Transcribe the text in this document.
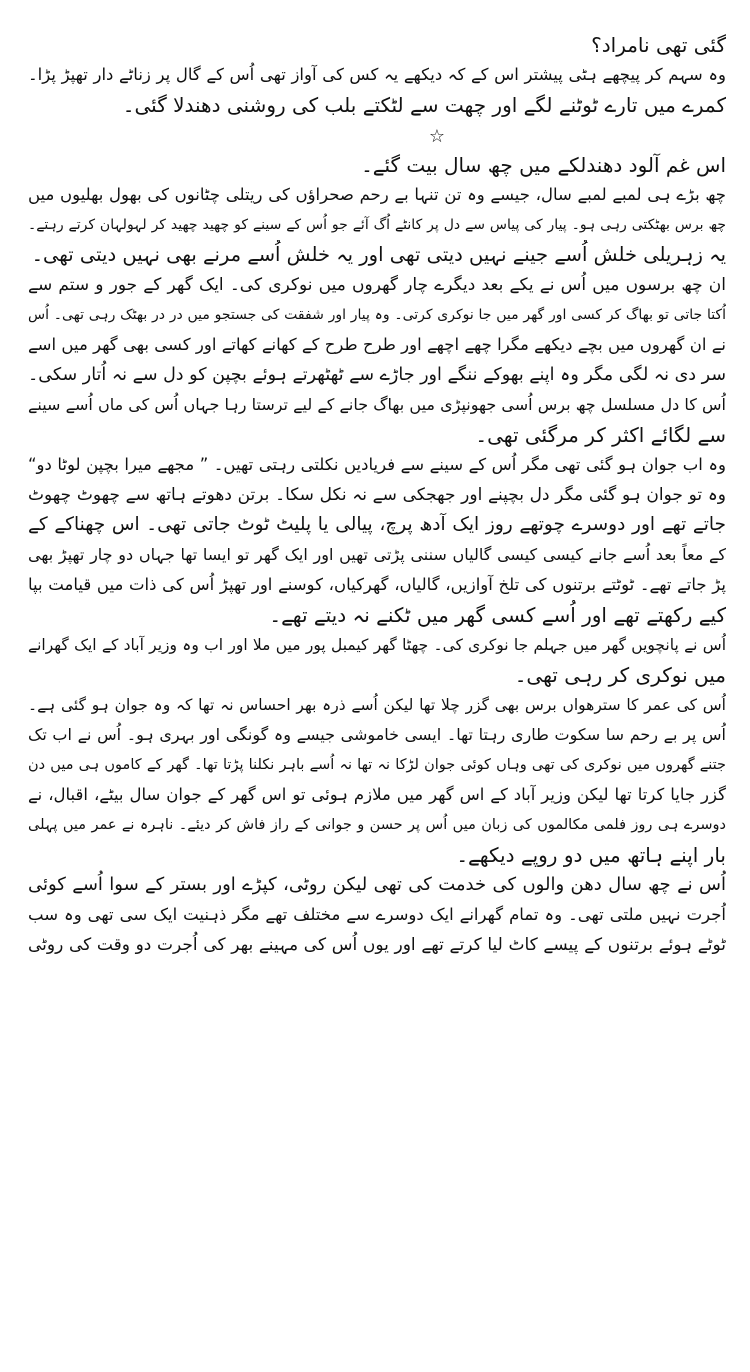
گئی تھی نامراد؟
وہ سہم کر پیچھے ہٹی پیشتر اس کے کہ دیکھے یہ کس کی آواز تھی اُس کے گال پر زناٹے دار تھپڑ پڑا۔
کمرے میں تارے ٹوٹنے لگے اور چھت سے لٹکتے بلب کی روشنی دھندلا گئی۔
☆
اس غم آلود دھندلکے میں چھ سال بیت گئے۔
چھ بڑے ہی لمبے لمبے سال، جیسے وہ تن تنہا بے رحم صحراؤں کی ریتلی چٹانوں کی بھول بھلیوں میں
چھ برس بھٹکتی رہی ہو۔ پیار کی پیاس سے دل پر کانٹے اُگ آئے جو اُس کے سینے کو چھید چھید کر لہولہان کرتے رہتے۔
یہ زہریلی خلش اُسے جینے نہیں دیتی تھی اور یہ خلش اُسے مرنے بھی نہیں دیتی تھی۔
ان چھ برسوں میں اُس نے یکے بعد دیگرے چار گھروں میں نوکری کی۔ ایک گھر کے جور و ستم سے
اُکتا جاتی تو بھاگ کر کسی اور گھر میں جا نوکری کرتی۔ وہ پیار اور شفقت کی جستجو میں در در بھٹک رہی تھی۔ اُس
نے ان گھروں میں بچے دیکھے مگرا چھے اچھے اور طرح طرح کے کھانے کھاتے اور کسی بھی گھر میں اسے
سر دی نہ لگی مگر وہ اپنے بھوکے ننگے اور جاڑے سے ٹھٹھرتے ہوئے بچپن کو دل سے نہ اُتار سکی۔
اُس کا دل مسلسل چھ برس اُسی جھونپڑی میں بھاگ جانے کے لیے ترستا رہا جہاں اُس کی ماں اُسے سینے
سے لگائے اکثر کر مرگئی تھی۔
وہ اب جوان ہو گئی تھی مگر اُس کے سینے سے فریادیں نکلتی رہتی تھیں۔ ” مجھے میرا بچپن لوٹا دو“
وہ تو جوان ہو گئی مگر دل بچپنے اور جھجکی سے نہ نکل سکا۔ برتن دھوتے ہاتھ سے چھوٹ چھوٹ
جاتے تھے اور دوسرے چوتھے روز ایک آدھ پرچ، پیالی یا پلیٹ ٹوٹ جاتی تھی۔ اس چھناکے کے
کے معاً بعد اُسے جانے کیسی کیسی گالیاں سننی پڑتی تھیں اور ایک گھر تو ایسا تھا جہاں دو چار تھپڑ بھی
پڑ جاتے تھے۔ ٹوٹتے برتنوں کی تلخ آوازیں، گالیاں، گھرکیاں، کوسنے اور تھپڑ اُس کی ذات میں قیامت بپا
کیے رکھتے تھے اور اُسے کسی گھر میں ٹکنے نہ دیتے تھے۔
اُس نے پانچویں گھر میں جہلم جا نوکری کی۔ چھٹا گھر کیمبل پور میں ملا اور اب وہ وزیر آباد کے ایک گھرانے
میں نوکری کر رہی تھی۔
اُس کی عمر کا سترھواں برس بھی گزر چلا تھا لیکن اُسے ذرہ بھر احساس نہ تھا کہ وہ جوان ہو گئی ہے۔
اُس پر بے رحم سا سکوت طاری رہتا تھا۔ ایسی خاموشی جیسے وہ گونگی اور بہری ہو۔ اُس نے اب تک
جتنے گھروں میں نوکری کی تھی وہاں کوئی جوان لڑکا نہ تھا نہ اُسے باہر نکلنا پڑتا تھا۔ گھر کے کاموں ہی میں دن
گزر جایا کرتا تھا لیکن وزیر آباد کے اس گھر میں ملازم ہوئی تو اس گھر کے جوان سال بیٹے، اقبال، نے
دوسرے ہی روز فلمی مکالموں کی زبان میں اُس پر حسن و جوانی کے راز فاش کر دیئے۔ ناہرہ نے عمر میں پہلی
بار اپنے ہاتھ میں دو روپے دیکھے۔
اُس نے چھ سال دھن والوں کی خدمت کی تھی لیکن روٹی، کپڑے اور بستر کے سوا اُسے کوئی
اُجرت نہیں ملتی تھی۔ وہ تمام گھرانے ایک دوسرے سے مختلف تھے مگر ذہنیت ایک سی تھی وہ سب
ٹوٹے ہوئے برتنوں کے پیسے کاٹ لیا کرتے تھے اور یوں اُس کی مہینے بھر کی اُجرت دو وقت کی روٹی
